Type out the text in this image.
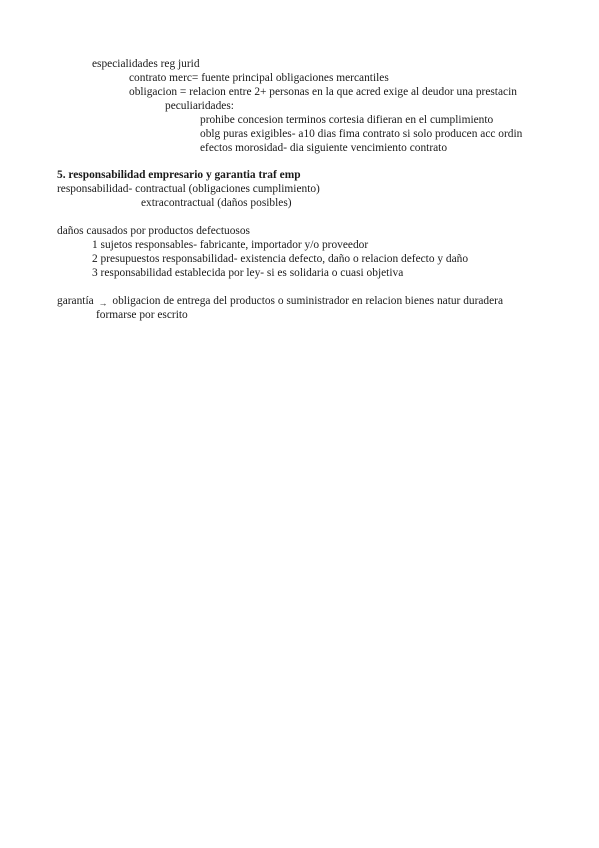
especialidades reg jurid
contrato merc= fuente principal obligaciones mercantiles
obligacion = relacion entre 2+ personas en la que acred exige al deudor una prestacin
peculiaridades:
prohibe concesion terminos cortesia difieran en el cumplimiento
oblg puras exigibles- a10 dias fima contrato si solo producen acc ordin
efectos morosidad- dia siguiente vencimiento contrato
5. responsabilidad empresario y garantia traf emp
responsabilidad- contractual (obligaciones cumplimiento)
extracontractual (daños posibles)
daños causados por productos defectuosos
1 sujetos responsables- fabricante, importador y/o proveedor
2 presupuestos responsabilidad- existencia defecto, daño o relacion defecto y daño
3 responsabilidad establecida por ley- si es solidaria o cuasi objetiva
garantía → obligacion de entrega del productos o suministrador en relacion bienes natur duradera
formarse por escrito
